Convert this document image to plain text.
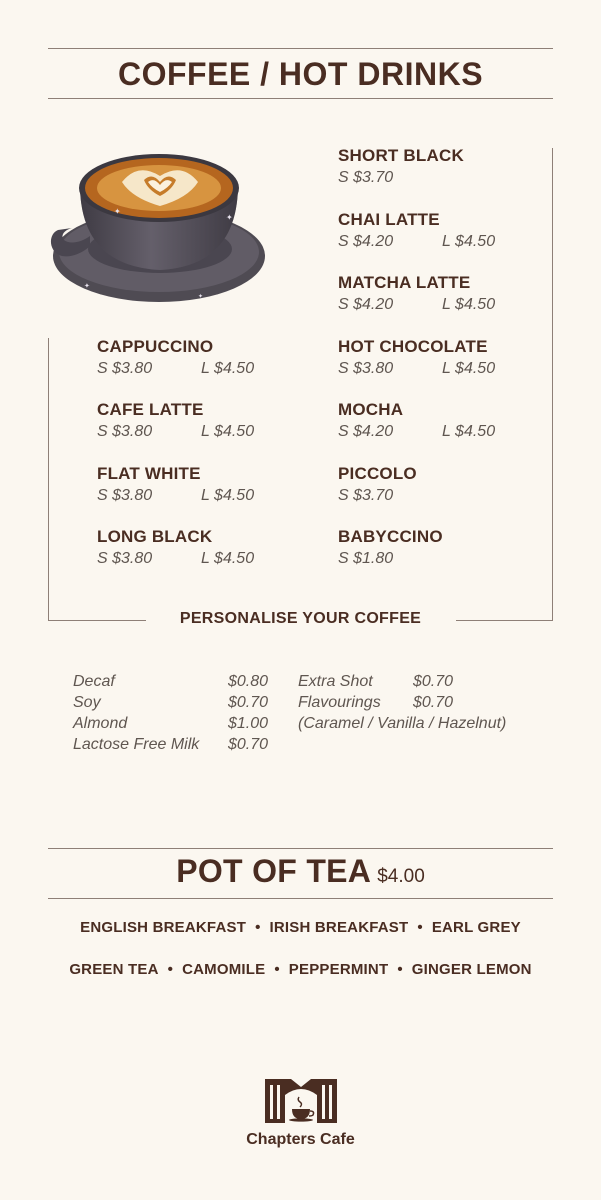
COFFEE / HOT DRINKS
✦
✦
✦
✦
SHORT BLACK
S $3.70
CHAI LATTE
S $4.20	L $4.50
MATCHA LATTE
S $4.20	L $4.50
HOT CHOCOLATE
S $3.80	L $4.50
MOCHA
S $4.20	L $4.50
PICCOLO
S $3.70
BABYCCINO
S $1.80
CAPPUCCINO
S $3.80	L $4.50
CAFE LATTE
S $3.80	L $4.50
FLAT WHITE
S $3.80	L $4.50
LONG BLACK
S $3.80	L $4.50
PERSONALISE YOUR COFFEE
Decaf	$0.80
Soy	$0.70
Almond	$1.00
Lactose Free Milk $0.70
Extra Shot	$0.70
Flavourings $0.70
(Caramel / Vanilla / Hazelnut)
POT OF TEA $4.00
ENGLISH BREAKFAST • IRISH BREAKFAST • EARL GREY
GREEN TEA • CAMOMILE • PEPPERMINT • GINGER LEMON
Chapters Cafe
